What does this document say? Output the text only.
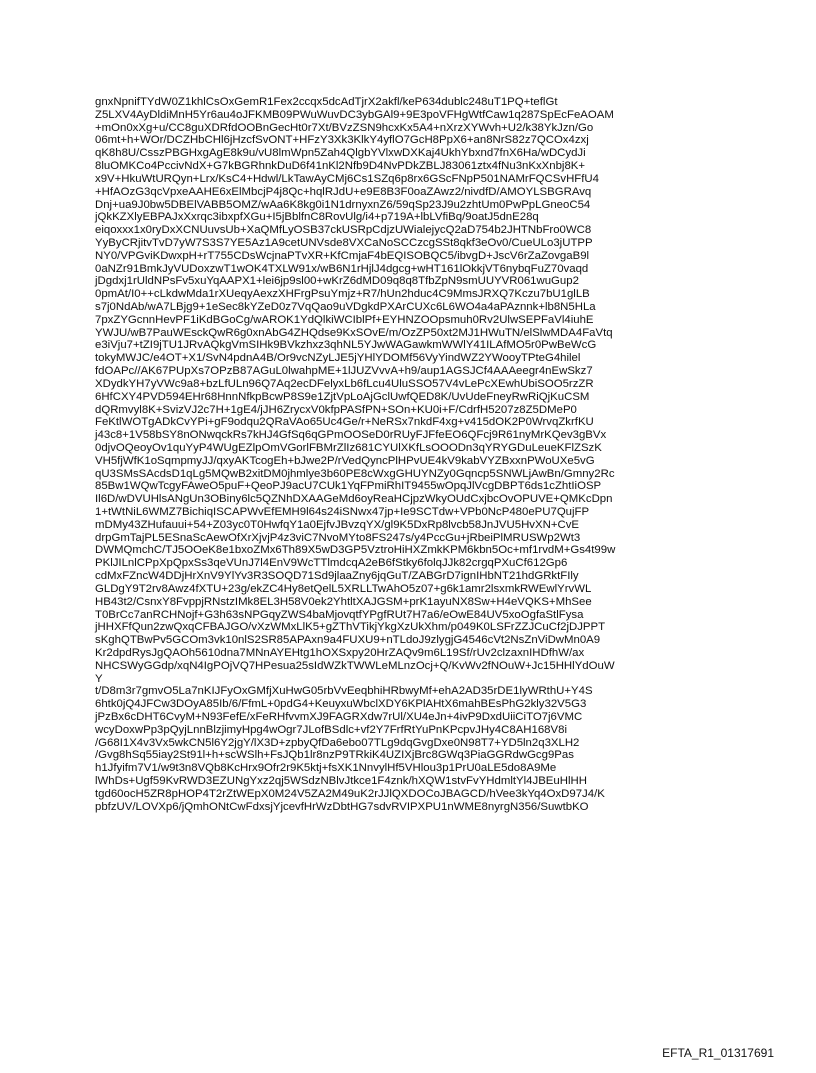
gnxNpnifTYdW0Z1khlCsOxGemR1Fex2ccqx5dcAdTjrX2akfl/keP634dublc248uT1PQ+teflGt
Z5LXV4AyDldiMnH5Yr6au4oJFKMB09PWuWuvDC3ybGAl9+9E3poVFHgWtfCaw1q287SpEcFeAOAM
+mOn0xXg+u/CC8guXDRfdOOBnGecHt0r7Xt/BVzZSN9hcxKx5A4+nXrzXYWvh+U2/k38YkJzn/Go
06mt+h+WOr/DCZHbCHl6jHzcfSvONT+HFzY3Xk3KlkY4yflO7GcH8PpX6+an8NrS82z7QCOx4zxj
qK8h8U/CsszPBGHxgAgE8k9u/vU8lmWpn5Zah4QlgbYVlxwDXKaj4UkhYbxnd7fnX6Ha/wDCydJi
8luOMKCo4PccivNdX+G7kBGRhnkDuD6f41nKl2Nfb9D4NvPDkZBLJ83061ztx4fNu3nKxXnbj8K+
x9V+HkuWtURQyn+Lrx/KsC4+Hdwl/LkTawAyCMj6Cs1SZq6p8rx6GScFNpP501NAMrFQCSvHFfU4
+HfAOzG3qcVpxeAAHE6xElMbcjP4j8Qc+hqlRJdU+e9E8B3F0oaZAwz2/nivdfD/AMOYLSBGRAvq
Dnj+ua9J0bw5DBElVABB5OMZ/wAa6K8kg0i1N1drnyxnZ6/59qSp23J9u2zhtUm0PwPpLGneoC54
jQkKZXlyEBPAJxXxrqc3ibxpfXGu+I5jBblfnC8RovUlg/i4+p719A+lbLVfiBq/9oatJ5dnE28q
eiqoxxx1x0ryDxXCNUuvsUb+XaQMfLyOSB37ckUSRpCdjzUWialejycQ2aD754b2JHTNbFro0WC8
YyByCRjitvTvD7yW7S3S7YE5Az1A9cetUNVsde8VXCaNoSCCzcgSSt8qkf3eOv0/CueULo3jUTPP
NY0/VPGviKDwxpH+rT755CDsWcjnaPTvXR+KfCmjaF4bEQISOBQC5/ibvgD+JscV6rZaZovgaB9l
0aNZr91BmkJyVUDoxzwT1wOK4TXLW91x/wB6N1rHjlJ4dgcg+wHT161lOkkjVT6nybqFuZ70vaqd
jDgdxj1rUldNPsFv5xuYqAAPX1+lei6jp9sl00+wKrZ6dMD09q8q8TfbZpN9smUUYVR061wuGup2
0pmAt/I0++cLkdwMda1rXUeqyAexzXHFrgPsuYmjz+R7/hUn2hduc4C9MmsJRXQ7Kczu7bU1glLB
s7j0NdAb/wA7LBjg9+1eSec8kYZeD0z7VqQao9uVDgkdPXArCUXc6L6WO4a4aPAznnk+lb8N5HLa
7pxZYGcnnHevPF1iKdBGoCg/wAROK1YdQlkiWCIblPf+EYHNZOOpsmuh0Rv2UlwSEPFaVl4iuhE
YWJU/wB7PauWEsckQwR6g0xnAbG4ZHQdse9KxSOvE/m/OzZP50xt2MJ1HWuTN/elSlwMDA4FaVtq
e3iVju7+tZI9jTU1JRvAQkgVmSIHk9BVkzhxz3qhNL5YJwWAGawkmWWlY41ILAfMO5r0PwBeWcG
tokyMWJC/e4OT+X1/SvN4pdnA4B/Or9vcNZyLJE5jYHlYDOMf56VyYindWZ2YWooyTPteG4hilel
fdOAPc//AK67PUpXs7OPzB87AGuL0lwahpME+1lJUZVvvA+h9/aup1AGSJCf4AAAeegr4nEwSkz7
XDydkYH7yVWc9a8+bzLfULn96Q7Aq2ecDFelyxLb6fLcu4UluSSO57V4vLePcXEwhUbiSOO5rzZR
6HfCXY4PVD594EHr68HnnNfkpBcwP8S9e1ZjtVpLoAjGclUwfQED8K/UvUdeFneyRwRiQjKuCSM
dQRmvyl8K+SvizVJ2c7H+1gE4/jJH6ZrycxV0kfpPASfPN+SOn+KU0i+F/CdrfH5207z8Z5DMeP0
FeKtlWOTgADkCvYPi+gF9odqu2QRaVAo65Uc4Ge/r+NeRSx7nkdF4xg+v415dOK2P0WrvqZkrfKU
j43c8+1V58bSY8nONwqckRs7kHJ4GfSq6qGPmOOSeD0rRUyFJFfeEO6QFcj9R61nyMrKQev3gBVx
0djvOQeoyOv1quYyP4WUgEZlpOmVGorlFBMrZlIz681CYUlXKfLsOOODn3qYRYGDuLeueKFlZSzK
VH5fjWfK1oSqmpmyJJ/qxyAKTcogEh+bJwe2P/rVedQyncPlHPvUE4kV9kabVYZBxxnPWoUXe5vG
qU3SMsSAcdsD1qLg5MQwB2xitDM0jhmlye3b60PE8cWxgGHUYNZy0Gqncp5SNWLjAwBn/Gmny2Rc
85Bw1WQwTcgyFAweO5puF+QeoPJ9acU7CUk1YqFPmiRhIT9455wOpqJlVcgDBPT6ds1cZhtIiOSP
Il6D/wDVUHlsANgUn3OBiny6lc5QZNhDXAAGeMd6oyReaHCjpzWkyOUdCxjbcOvOPUVE+QMKcDpn
1+tWtNiL6WMZ7BichiqISCAPWvEfEMH9l64s24iSNwx47jp+Ie9SCTdw+VPb0NcP480ePU7QujFP
mDMy43ZHufauui+54+Z03yc0T0HwfqY1a0EjfvJBvzqYX/gl9K5DxRp8lvcb58JnJVU5HvXN+CvE
drpGmTajPL5ESnaScAewOfXrXjvjP4z3viC7NvoMYto8FS247s/y4PccGu+jRbeiPlMRUSWp2Wt3
DWMQmchC/TJ5OOeK8e1bxoZMx6Th89X5wD3GP5VztroHiHXZmkKPM6kbn5Oc+mf1rvdM+Gs4t99w
PKlJILnlCPpXpQpxSs3qeVUnJ7l4EnV9WcTTlmdcqA2eB6fStky6folqJJk82crgqPXuCf612Gp6
cdMxFZncW4DDjHrXnV9YlYv3R3SOQD71Sd9jlaaZny6jqGuT/ZABGrD7ignIHbNT21hdGRktFIly
GLDgY9T2rv8Awz4fXTU+23g/ekZC4Hy8etQelL5XRLLTwAhO5z07+g6k1amr2lsxmkRWEwlYrvWL
HB43t2/CsnxY8FvppjRNstzIMk8EL3H58V0ek2YhtltXAJGSM+prK1ayuNX8Sw+H4eVQKS+MhSee
T0BrCc7anRCHNojf+G3h63sNPGqyZWS4baMjovqtfYPgfRUt7H7a6/eOwE84UV5xoOgfaStlFysa
jHHXFfQun2zwQxqCFBAJGO/vXzWMxLlK5+gZThVTikjYkgXzUkXhm/p049K0LSFrZZJCuCf2jDJPPT
sKghQTBwPv5GCOm3vk10nlS2SR85APAxn9a4FUXU9+nTLdoJ9zlygjG4546cVt2NsZnViDwMn0A9
Kr2dpdRysJgQAOh5610dna7MNnAYEHtg1hOXSxpy20HrZAQv9m6L19Sf/rUv2clzaxnIHDfhW/ax
NHCSWyGGdp/xqN4IgPOjVQ7HPesua25sIdWZkTWWLeMLnzOcj+Q/KvWv2fNOuW+Jc15HHlYdOuW
Y
t/D8m3r7gmvO5La7nKIJFyOxGMfjXuHwG05rbVvEeqbhiHRbwyMf+ehA2AD35rDE1lyWRthU+Y4S
6htk0jQ4JFCw3DOyA85Ib/6/FfmL+0pdG4+KeuyxuWbclXDY6KPlAHtX6mahBEsPhG2kly32V5G3
jPzBx6cDHT6CvyM+N93FefE/xFeRHfvvmXJ9FAGRXdw7rUl/XU4eJn+4ivP9DxdUiiCiTO7j6VMC
wcyDoxwPp3pQyjLnnBlzjimyHpg4wOgr7JLofBSdlc+vf2Y7FrfRtYuPnKPcpvJHy4C8AH168V8i
/G68I1X4v3Vx5wkCN5l6Y2jgY/lX3D+zpbyQfDa6ebo07TLg9dqGvgDxe0N98T7+YD5ln2q3XLH2
/Gvg8hSq55iay2St91l+h+scWSlh+FsJQb1lr8nzP9TRkiK4UZIXjBrc8GWq3PiaGGRdwGcg9Pas
h1Jfyifm7V1/w9t3n8VQb8KcHrx9Ofr2r9K5ktj+fsXK1NnvylHf5VHlou3p1PrU0aLE5do8A9Me
lWhDs+Ugf59KvRWD3EZUNgYxz2qj5WSdzNBlvJtkce1F4znk/hXQW1stvFvYHdmltYl4JBEuHlHH
tgd60ocH5ZR8pHOP4T2rZtWEpX0M24V5ZA2M49uK2rJJlQXDOCoJBAGCD/hVee3kYq4OxD97J4/K
pbfzUV/LOVXp6/jQmhONtCwFdxsjYjcevfHrWzDbtHG7sdvRVIPXPU1nWME8nyrgN356/SuwtbKO
EFTA_R1_01317691
